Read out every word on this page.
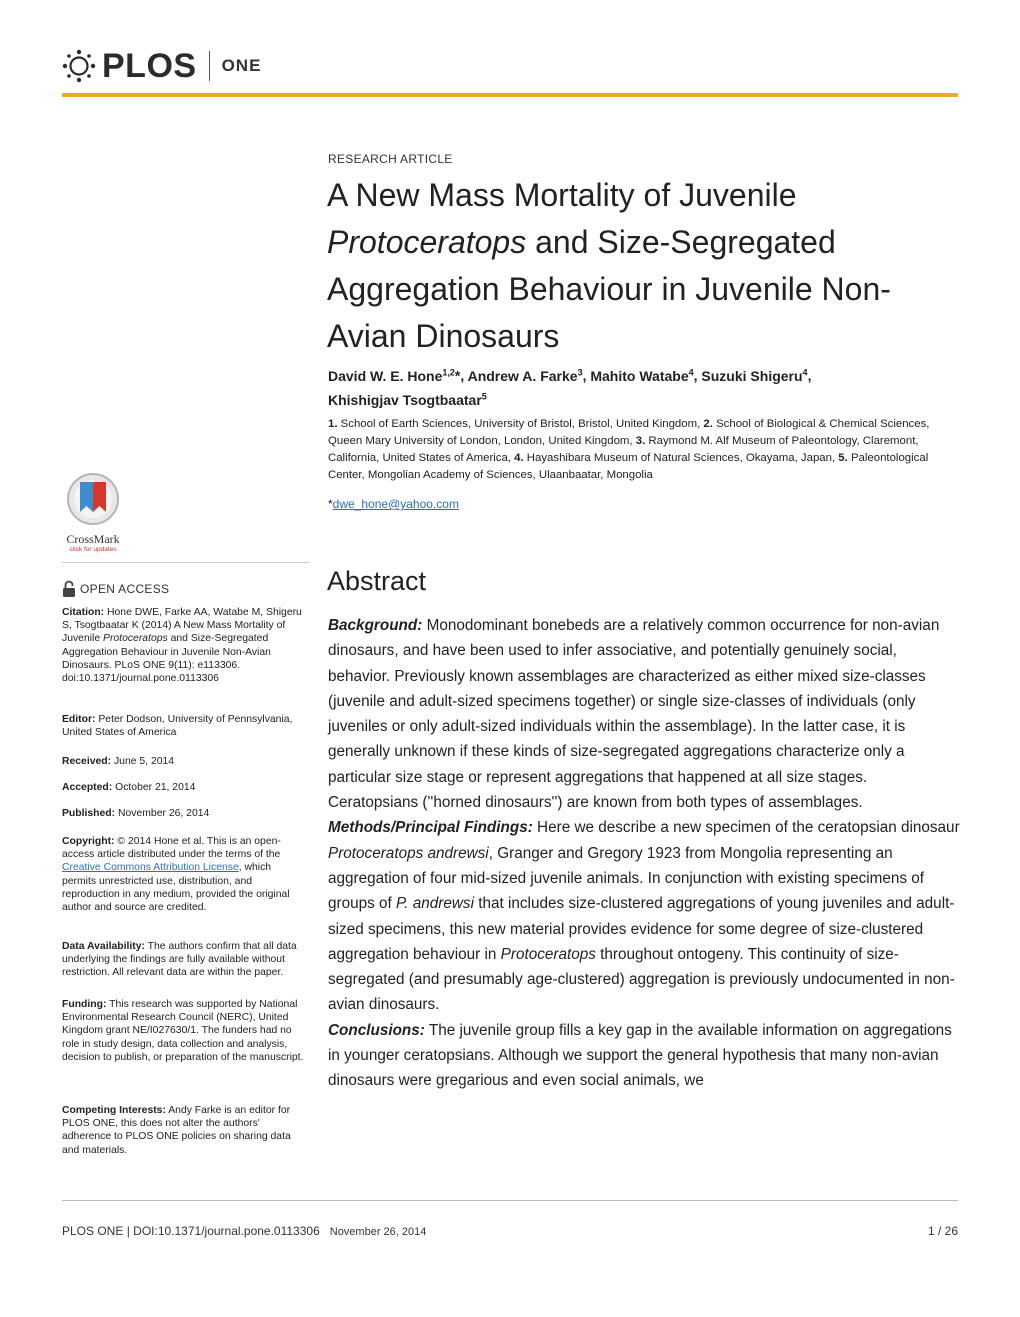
PLOS ONE
RESEARCH ARTICLE
A New Mass Mortality of Juvenile Protoceratops and Size-Segregated Aggregation Behaviour in Juvenile Non-Avian Dinosaurs
David W. E. Hone$^{1,2}$*, Andrew A. Farke$^3$, Mahito Watabe$^4$, Suzuki Shigeru$^4$,
Khishigjav Tsogtbaatar$^5$
1. School of Earth Sciences, University of Bristol, Bristol, United Kingdom, 2. School of Biological & Chemical Sciences, Queen Mary University of London, London, United Kingdom, 3. Raymond M. Alf Museum of Paleontology, Claremont, California, United States of America, 4. Hayashibara Museum of Natural Sciences, Okayama, Japan, 5. Paleontological Center, Mongolian Academy of Sciences, Ulaanbaatar, Mongolia
*dwe_hone@yahoo.com
CrossMark
click for updates
OPEN ACCESS
Citation: Hone DWE, Farke AA, Watabe M, Shigeru S, Tsogtbaatar K (2014) A New Mass Mortality of Juvenile Protoceratops and Size-Segregated Aggregation Behaviour in Juvenile Non-Avian Dinosaurs. PLoS ONE 9(11): e113306. doi:10.1371/journal.pone.0113306
Editor: Peter Dodson, University of Pennsylvania, United States of America
Received: June 5, 2014
Accepted: October 21, 2014
Published: November 26, 2014
Copyright: © 2014 Hone et al. This is an open-access article distributed under the terms of the Creative Commons Attribution License, which permits unrestricted use, distribution, and reproduction in any medium, provided the original author and source are credited.
Data Availability: The authors confirm that all data underlying the findings are fully available without restriction. All relevant data are within the paper.
Funding: This research was supported by National Environmental Research Council (NERC), United Kingdom grant NE/I027630/1. The funders had no role in study design, data collection and analysis, decision to publish, or preparation of the manuscript.
Competing Interests: Andy Farke is an editor for PLOS ONE, this does not alter the authors' adherence to PLOS ONE policies on sharing data and materials.
Abstract
Background: Monodominant bonebeds are a relatively common occurrence for non-avian dinosaurs, and have been used to infer associative, and potentially genuinely social, behavior. Previously known assemblages are characterized as either mixed size-classes (juvenile and adult-sized specimens together) or single size-classes of individuals (only juveniles or only adult-sized individuals within the assemblage). In the latter case, it is generally unknown if these kinds of size-segregated aggregations characterize only a particular size stage or represent aggregations that happened at all size stages. Ceratopsians (''horned dinosaurs'') are known from both types of assemblages.
Methods/Principal Findings: Here we describe a new specimen of the ceratopsian dinosaur Protoceratops andrewsi, Granger and Gregory 1923 from Mongolia representing an aggregation of four mid-sized juvenile animals. In conjunction with existing specimens of groups of P. andrewsi that includes size-clustered aggregations of young juveniles and adult-sized specimens, this new material provides evidence for some degree of size-clustered aggregation behaviour in Protoceratops throughout ontogeny. This continuity of size-segregated (and presumably age-clustered) aggregation is previously undocumented in non-avian dinosaurs.
Conclusions: The juvenile group fills a key gap in the available information on aggregations in younger ceratopsians. Although we support the general hypothesis that many non-avian dinosaurs were gregarious and even social animals, we
PLOS ONE | DOI:10.1371/journal.pone.0113306 November 26, 2014	1 / 26
